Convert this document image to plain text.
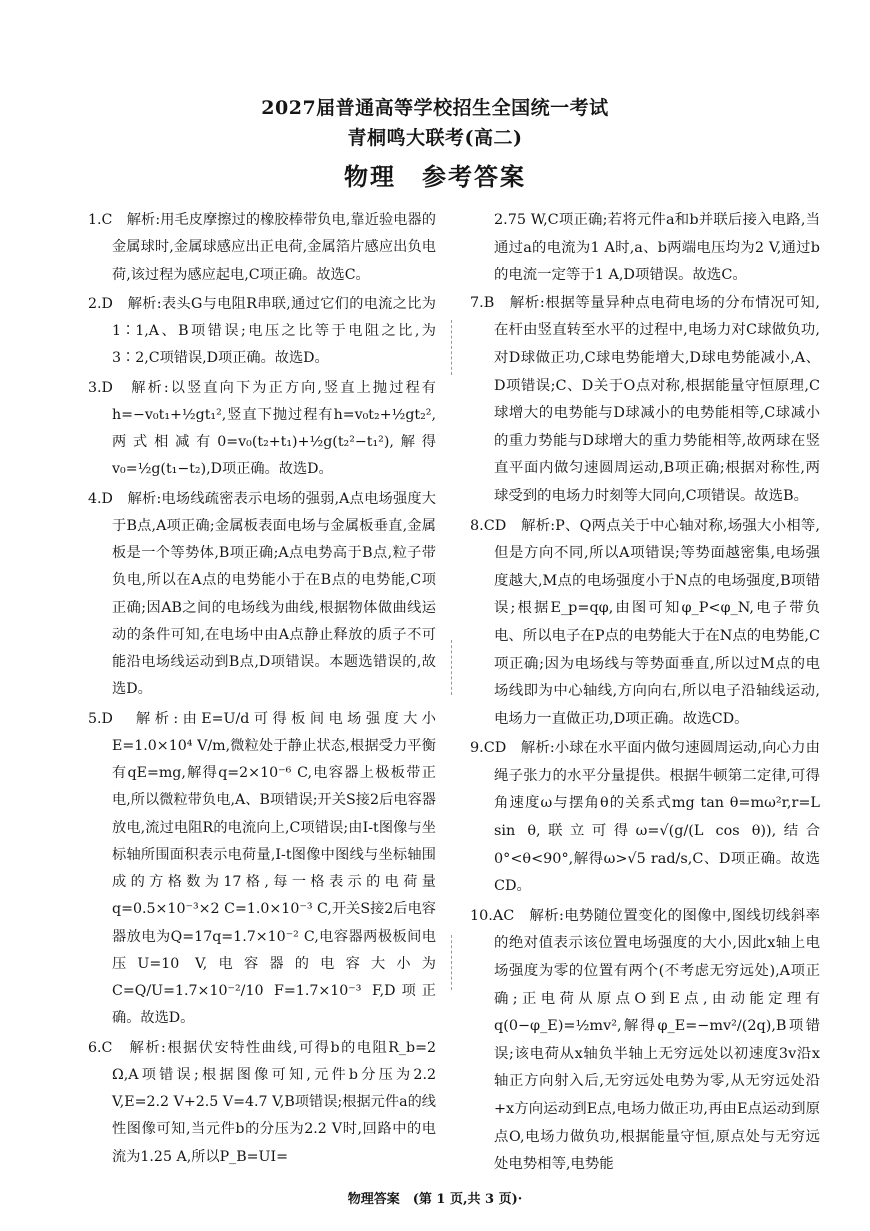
2027届普通高等学校招生全国统一考试
青桐鸣大联考(高二)
物理　参考答案

1.C　解析:用毛皮摩擦过的橡胶棒带负电,靠近验电器的金属球时,金属球感应出正电荷,金属箔片感应出负电荷,该过程为感应起电,C项正确。故选C。

2.D　解析:表头G与电阻R串联,通过它们的电流之比为1∶1,A、B项错误;电压之比等于电阻之比,为3∶2,C项错误,D项正确。故选D。

3.D　解析:以竖直向下为正方向,竖直上抛过程有h=−v₀t₁+½gt₁²,竖直下抛过程有h=v₀t₂+½gt₂²,两式相减有0=v₀(t₂+t₁)+½g(t₂²−t₁²),解得v₀=½g(t₁−t₂),D项正确。故选D。

4.D　解析:电场线疏密表示电场的强弱,A点电场强度大于B点,A项正确;金属板表面电场与金属板垂直,金属板是一个等势体,B项正确;A点电势高于B点,粒子带负电,所以在A点的电势能小于在B点的电势能,C项正确;因AB之间的电场线为曲线,根据物体做曲线运动的条件可知,在电场中由A点静止释放的质子不可能沿电场线运动到B点,D项错误。本题选错误的,故选D。

5.D　解析:由E=U/d可得板间电场强度大小E=1.0×10⁴ V/m,微粒处于静止状态,根据受力平衡有qE=mg,解得q=2×10⁻⁶ C,电容器上极板带正电,所以微粒带负电,A、B项错误;开关S接2后电容器放电,流过电阻R的电流向上,C项错误;由I-t图像与坐标轴所围面积表示电荷量,I-t图像中图线与坐标轴围成的方格数为17格,每一格表示的电荷量q=0.5×10⁻³×2 C=1.0×10⁻³ C,开关S接2后电容器放电为Q=17q=1.7×10⁻² C,电容器两极板间电压U=10 V,电容器的电容大小为C=Q/U=1.7×10⁻²/10 F=1.7×10⁻³ F,D项正确。故选D。

6.C　解析:根据伏安特性曲线,可得b的电阻R_b=2 Ω,A项错误;根据图像可知,元件b分压为2.2 V,E=2.2 V+2.5 V=4.7 V,B项错误;根据元件a的线性图像可知,当元件b的分压为2.2 V时,回路中的电流为1.25 A,所以P_B=UI=

2.75 W,C项正确;若将元件a和b并联后接入电路,当通过a的电流为1 A时,a、b两端电压均为2 V,通过b的电流一定等于1 A,D项错误。故选C。

7.B　解析:根据等量异种点电荷电场的分布情况可知,在杆由竖直转至水平的过程中,电场力对C球做负功,对D球做正功,C球电势能增大,D球电势能减小,A、D项错误;C、D关于O点对称,根据能量守恒原理,C球增大的电势能与D球减小的电势能相等,C球减小的重力势能与D球增大的重力势能相等,故两球在竖直平面内做匀速圆周运动,B项正确;根据对称性,两球受到的电场力时刻等大同向,C项错误。故选B。

8.CD　解析:P、Q两点关于中心轴对称,场强大小相等,但是方向不同,所以A项错误;等势面越密集,电场强度越大,M点的电场强度小于N点的电场强度,B项错误;根据E_p=qφ,由图可知φ_P<φ_N,电子带负电、所以电子在P点的电势能大于在N点的电势能,C项正确;因为电场线与等势面垂直,所以过M点的电场线即为中心轴线,方向向右,所以电子沿轴线运动,电场力一直做正功,D项正确。故选CD。

9.CD　解析:小球在水平面内做匀速圆周运动,向心力由绳子张力的水平分量提供。根据牛顿第二定律,可得角速度ω与摆角θ的关系式mg tan θ=mω²r,r=L sin θ,联立可得ω=√(g/(L cos θ)),结合0°<θ<90°,解得ω>√5 rad/s,C、D项正确。故选CD。

10.AC　解析:电势随位置变化的图像中,图线切线斜率的绝对值表示该位置电场强度的大小,因此x轴上电场强度为零的位置有两个(不考虑无穷远处),A项正确;正电荷从原点O到E点,由动能定理有q(0−φ_E)=½mv²,解得φ_E=−mv²/(2q),B项错误;该电荷从x轴负半轴上无穷远处以初速度3v沿x轴正方向射入后,无穷远处电势为零,从无穷远处沿+x方向运动到E点,电场力做正功,再由E点运动到原点O,电场力做负功,根据能量守恒,原点处与无穷远处电势相等,电势能

物理答案　(第 1 页,共 3 页)·
